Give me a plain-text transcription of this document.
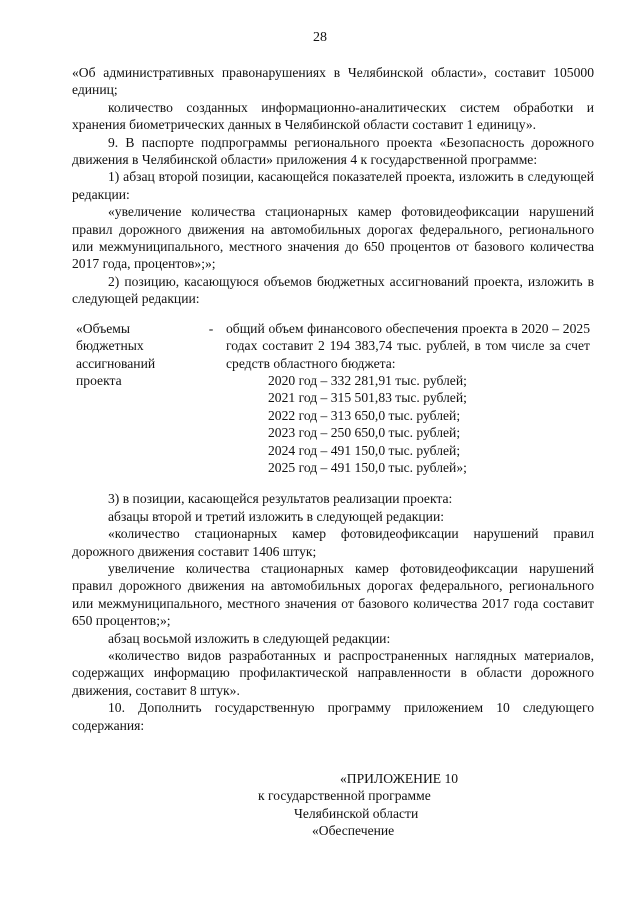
28

«Об административных правонарушениях в Челябинской области», составит 105000 единиц;

количество созданных информационно-аналитических систем обработки и хранения биометрических данных в Челябинской области составит 1 единицу».

9. В паспорте подпрограммы регионального проекта «Безопасность дорожного движения в Челябинской области» приложения 4 к государственной программе:

1) абзац второй позиции, касающейся показателей проекта, изложить в следующей редакции:

«увеличение количества стационарных камер фотовидеофиксации нарушений правил дорожного движения на автомобильных дорогах федерального, регионального или межмуниципального, местного значения до 650 процентов от базового количества 2017 года, процентов»;»;

2) позицию, касающуюся объемов бюджетных ассигнований проекта, изложить в следующей редакции:

«Объемы
бюджетных
ассигнований
проекта
- общий объем финансового обеспечения проекта в 2020 – 2025 годах составит 2 194 383,74 тыс. рублей, в том числе за счет средств областного бюджета:
2020 год – 332 281,91 тыс. рублей;
2021 год – 315 501,83 тыс. рублей;
2022 год – 313 650,0 тыс. рублей;
2023 год – 250 650,0 тыс. рублей;
2024 год – 491 150,0 тыс. рублей;
2025 год – 491 150,0 тыс. рублей»;

3) в позиции, касающейся результатов реализации проекта:

абзацы второй и третий изложить в следующей редакции:

«количество стационарных камер фотовидеофиксации нарушений правил дорожного движения составит 1406 штук;

увеличение количества стационарных камер фотовидеофиксации нарушений правил дорожного движения на автомобильных дорогах федерального, регионального или межмуниципального, местного значения от базового количества 2017 года составит 650 процентов;»;

абзац восьмой изложить в следующей редакции:

«количество видов разработанных и распространенных наглядных материалов, содержащих информацию профилактической направленности в области дорожного движения, составит 8 штук».

10. Дополнить государственную программу приложением 10 следующего содержания:

«ПРИЛОЖЕНИЕ 10
к государственной программе
Челябинской области
«Обеспечение
